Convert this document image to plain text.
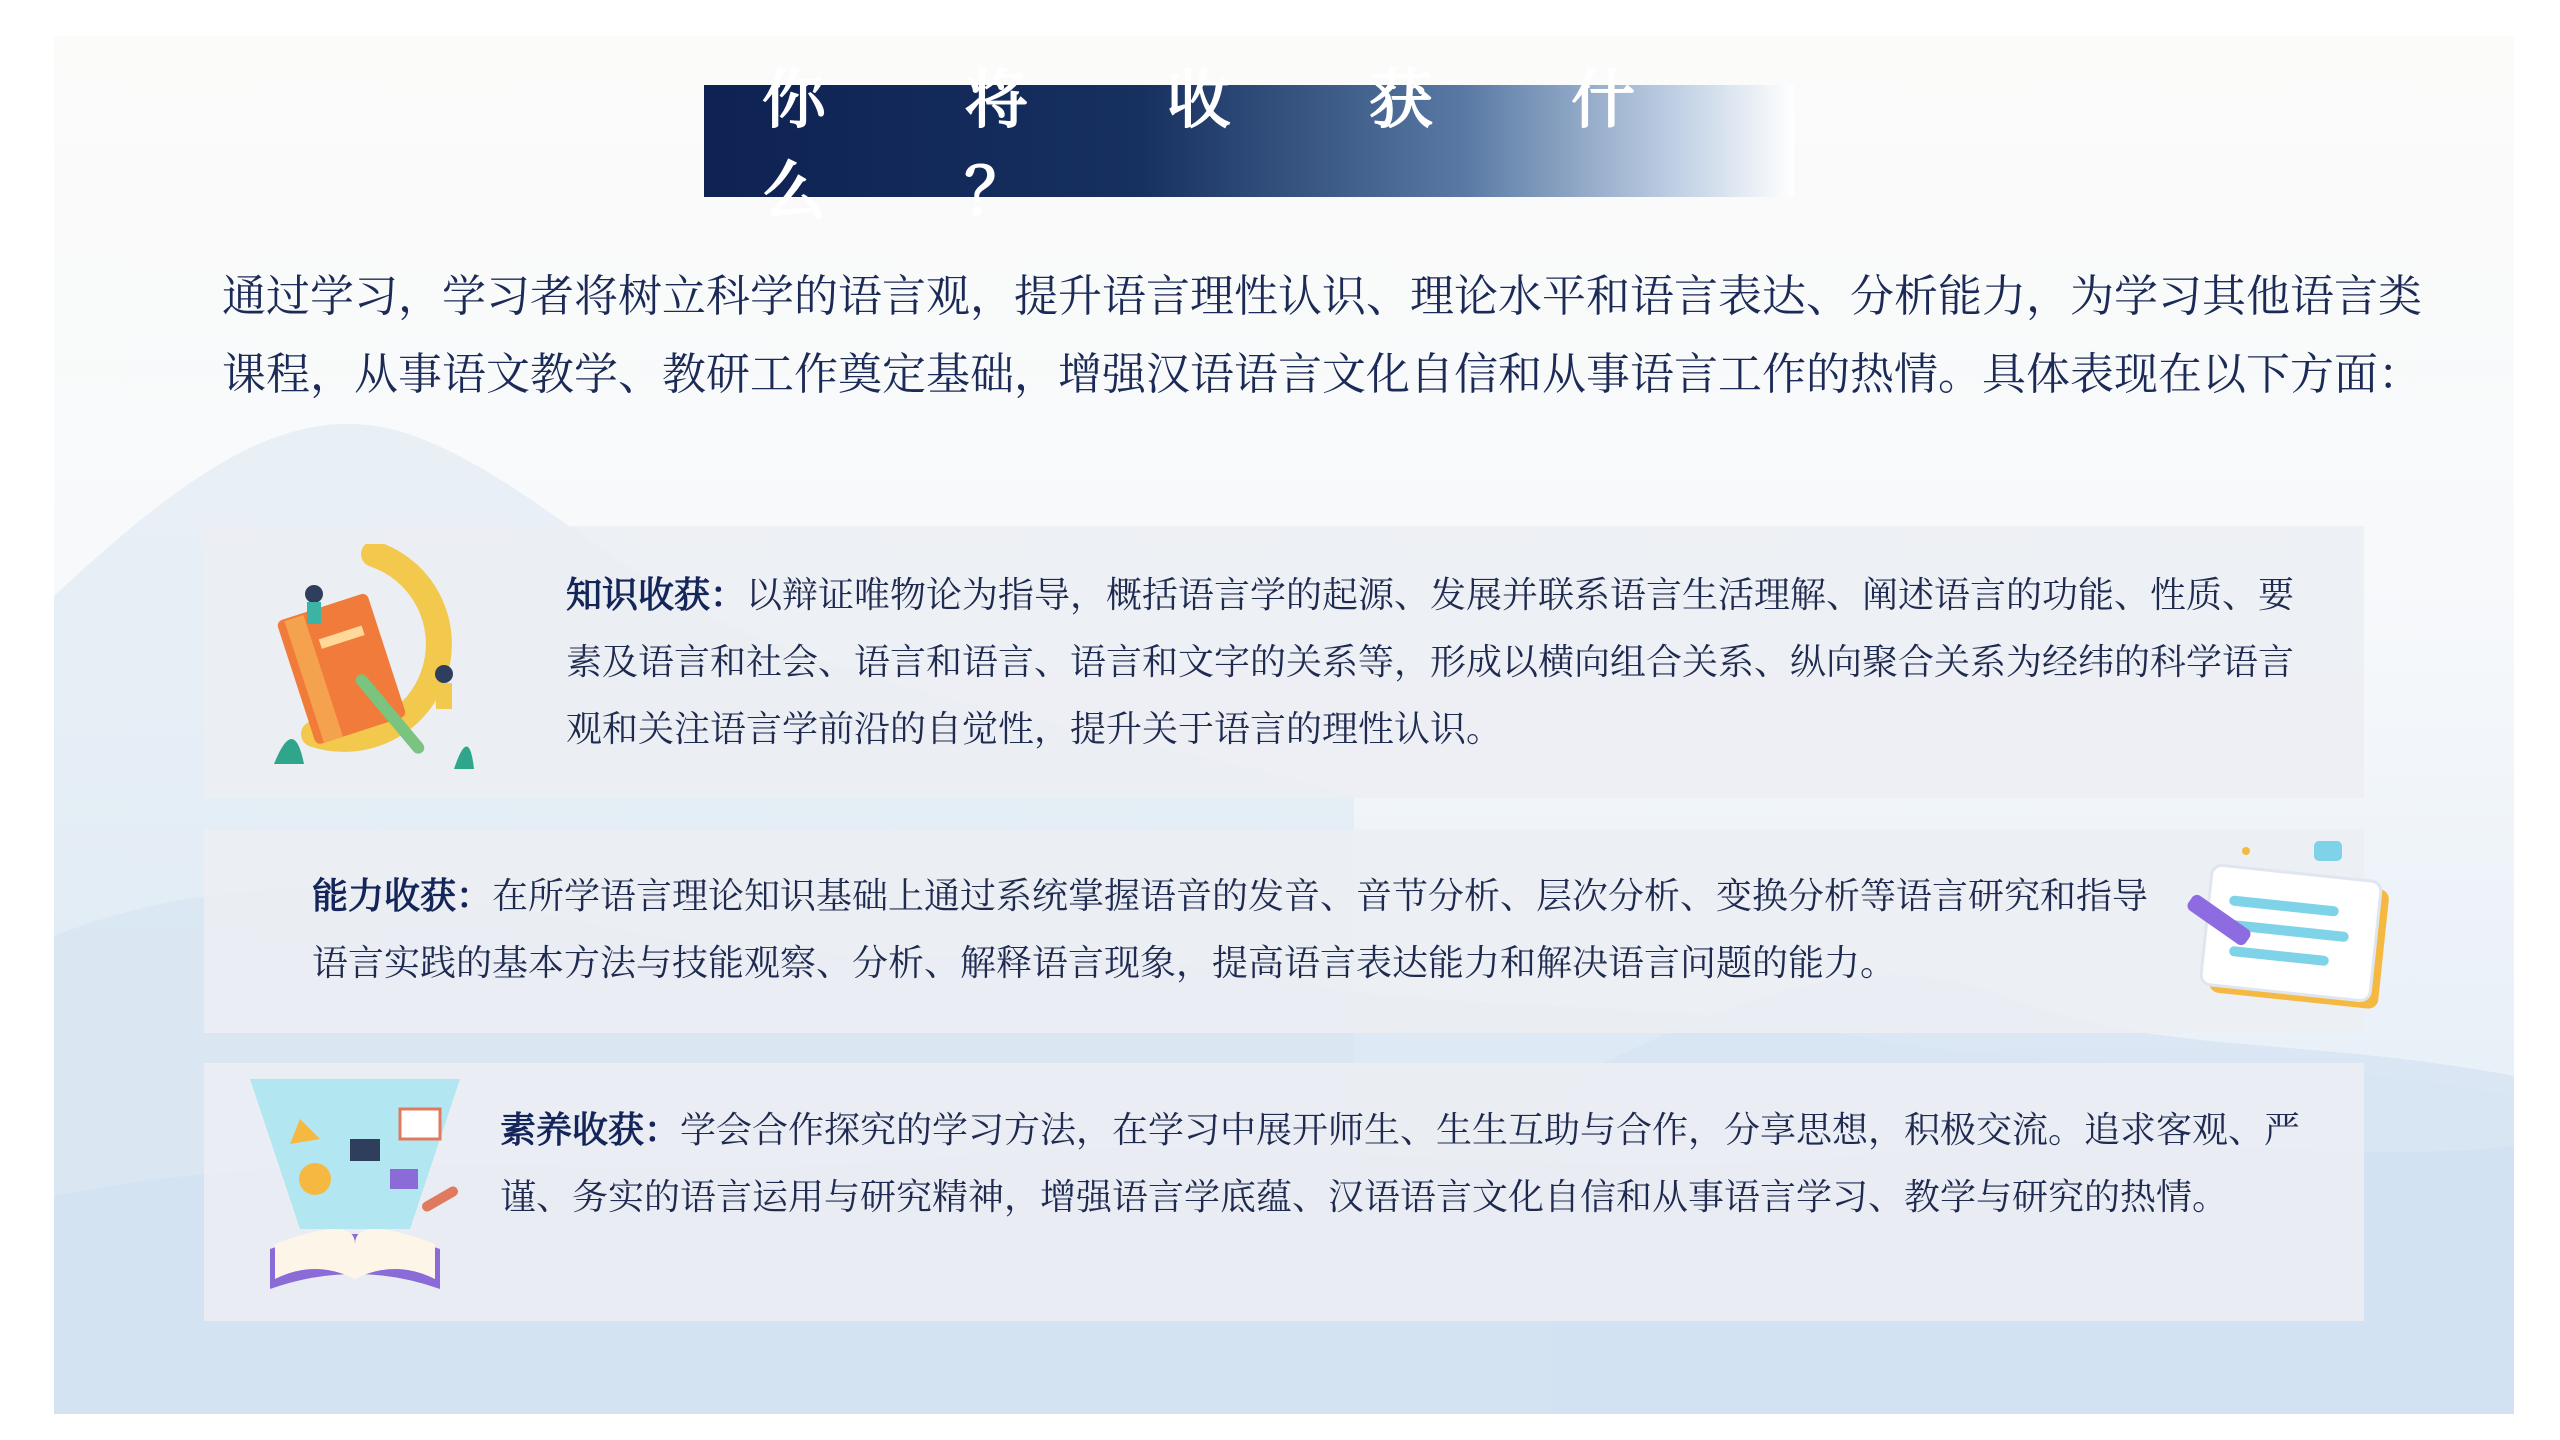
你 将 收 获 什 么 ？
通过学习，学习者将树立科学的语言观，提升语言理性认识、理论水平和语言表达、分析能力，为学习其他语言类课程，从事语文教学、教研工作奠定基础，增强汉语语言文化自信和从事语言工作的热情。具体表现在以下方面：
知识收获：以辩证唯物论为指导，概括语言学的起源、发展并联系语言生活理解、阐述语言的功能、性质、要素及语言和社会、语言和语言、语言和文字的关系等，形成以横向组合关系、纵向聚合关系为经纬的科学语言观和关注语言学前沿的自觉性，提升关于语言的理性认识。
能力收获：在所学语言理论知识基础上通过系统掌握语音的发音、音节分析、层次分析、变换分析等语言研究和指导语言实践的基本方法与技能观察、分析、解释语言现象，提高语言表达能力和解决语言问题的能力。
素养收获：学会合作探究的学习方法，在学习中展开师生、生生互助与合作，分享思想，积极交流。追求客观、严谨、务实的语言运用与研究精神，增强语言学底蕴、汉语语言文化自信和从事语言学习、教学与研究的热情。
